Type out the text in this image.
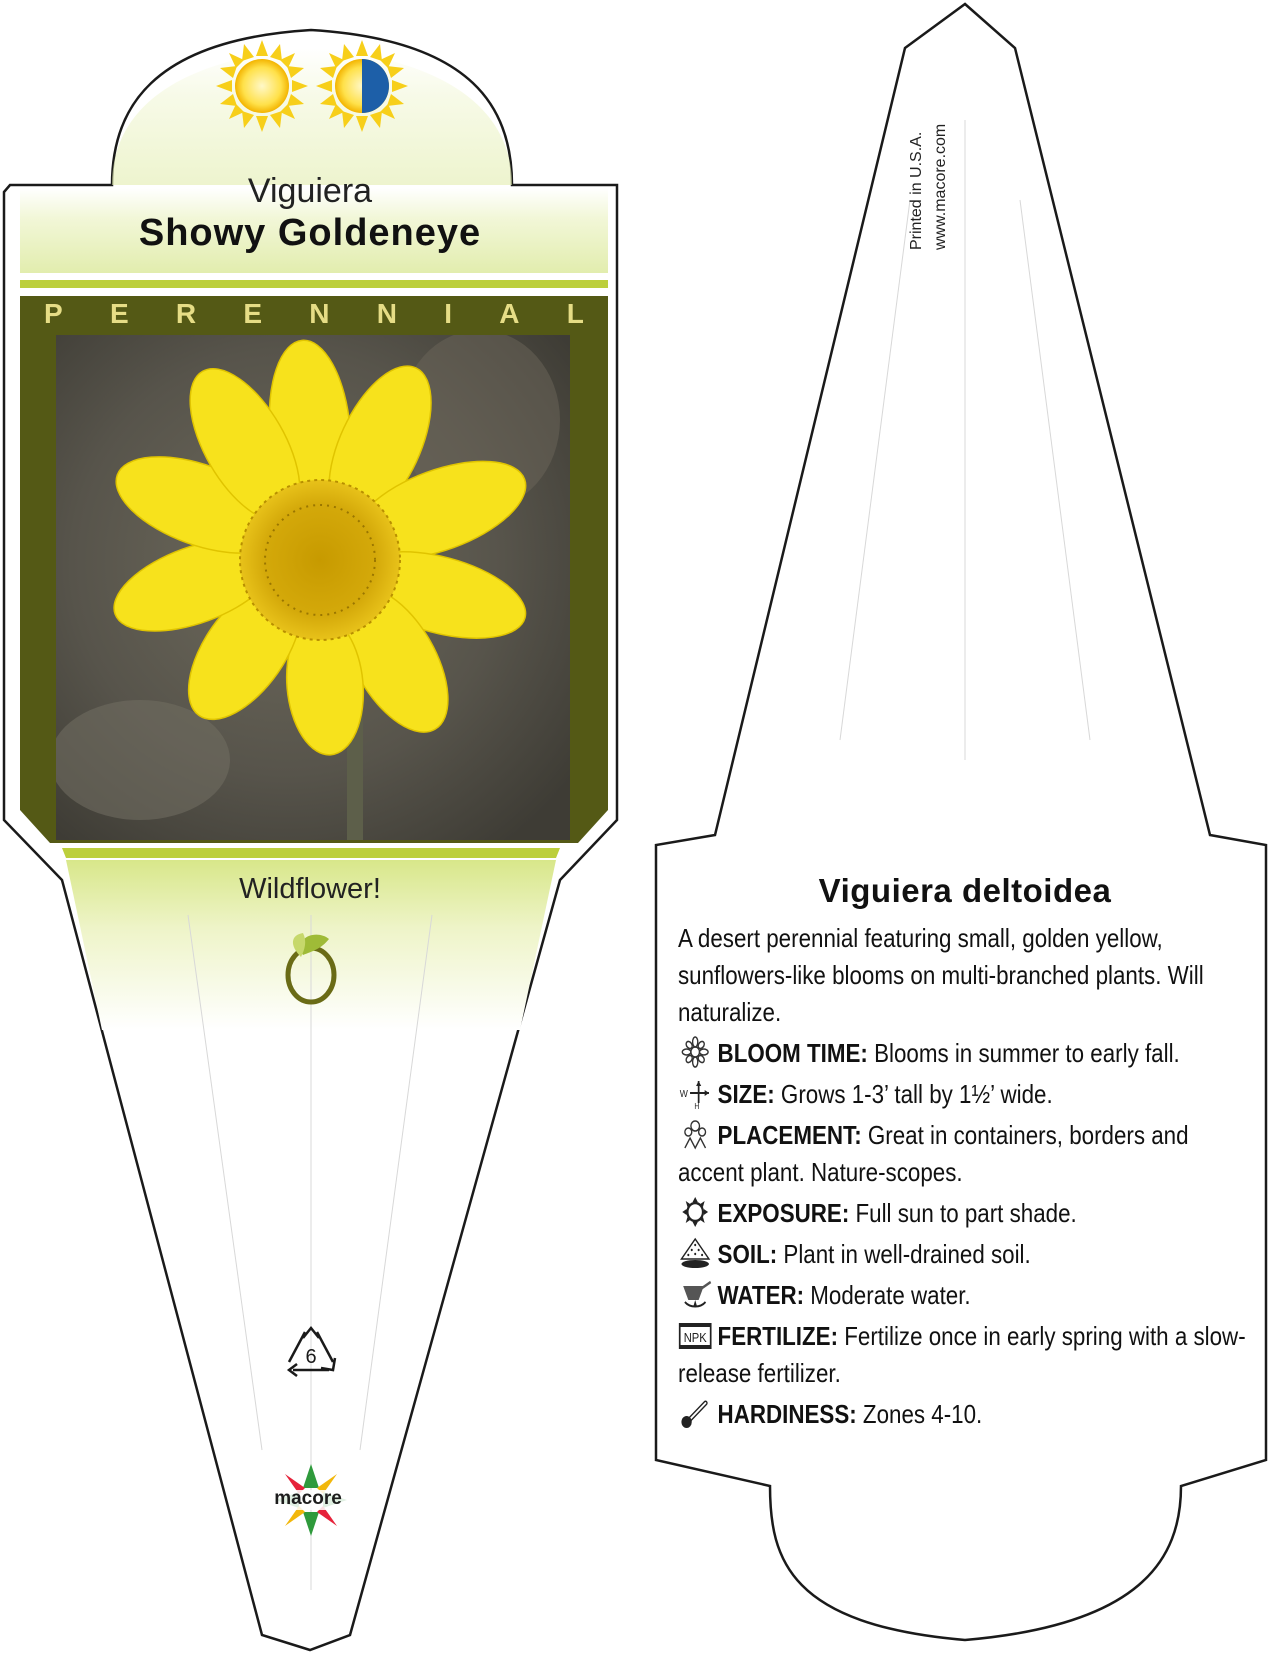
Viguiera
Showy Goldeneye
P E R E N N I A L
Wildflower!
6
macore
Printed in U.S.A. www.macore.com
Viguiera deltoidea

A desert perennial featuring small, golden yellow, sunflowers-like blooms on multi-branched plants. Will naturalize.

BLOOM TIME: Blooms in summer to early fall.
W
H SIZE: Grows 1-3’ tall by 1½’ wide.
PLACEMENT: Great in containers, borders and accent plant. Nature-scopes.
EXPOSURE: Full sun to part shade.
SOIL: Plant in well-drained soil.
WATER: Moderate water.
NPK FERTILIZE: Fertilize once in early spring with a slow-release fertilizer.
HARDINESS: Zones 4-10.
